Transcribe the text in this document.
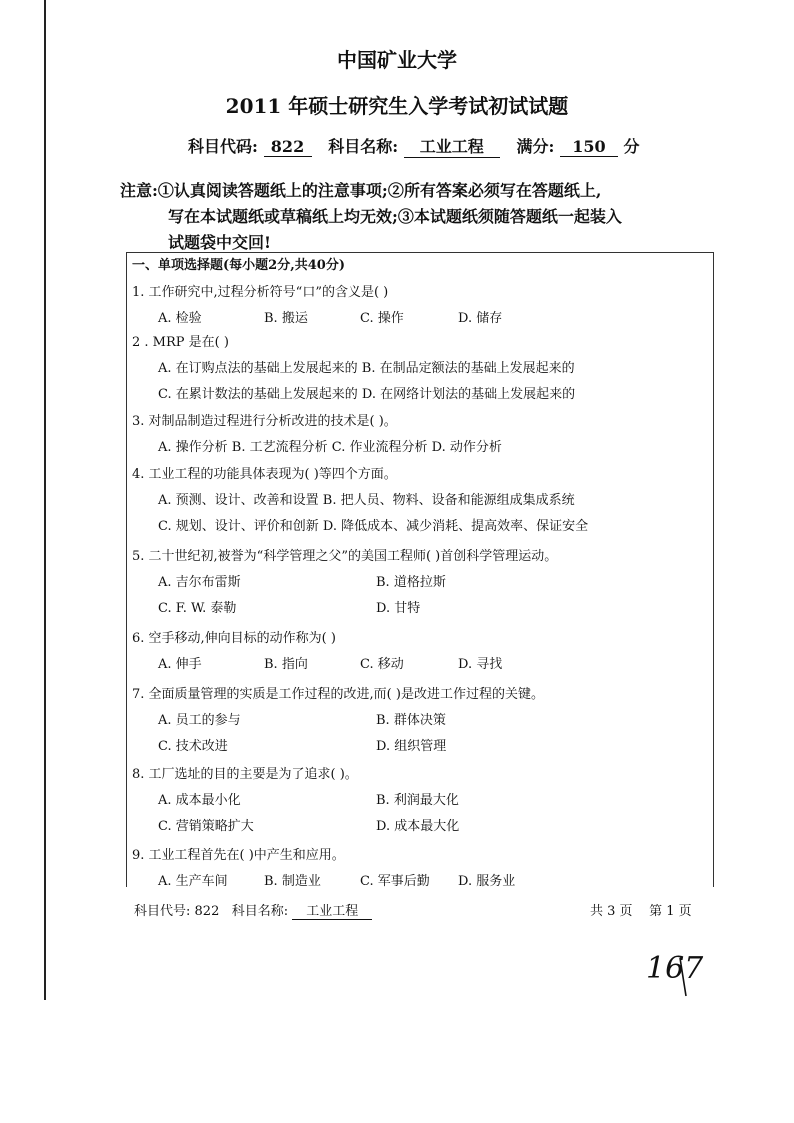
中国矿业大学
2011 年硕士研究生入学考试初试试题
科目代码: 822 科目名称: 工业工程 满分: 150 分
注意:①认真阅读答题纸上的注意事项;②所有答案必须写在答题纸上,
写在本试题纸或草稿纸上均无效;③本试题纸须随答题纸一起装入
试题袋中交回!
一、单项选择题(每小题2分,共40分)
1. 工作研究中,过程分析符号“口”的含义是( )
A. 检验	B. 搬运	C. 操作	D. 储存
2 . MRP 是在( )
A. 在订购点法的基础上发展起来的 B. 在制品定额法的基础上发展起来的
C. 在累计数法的基础上发展起来的 D. 在网络计划法的基础上发展起来的
3. 对制品制造过程进行分析改进的技术是( )。
A. 操作分析 B. 工艺流程分析 C. 作业流程分析 D. 动作分析
4. 工业工程的功能具体表现为( )等四个方面。
A. 预测、设计、改善和设置 B. 把人员、物料、设备和能源组成集成系统
C. 规划、设计、评价和创新 D. 降低成本、减少消耗、提高效率、保证安全
5. 二十世纪初,被誉为“科学管理之父”的美国工程师( )首创科学管理运动。
A. 吉尔布雷斯	B. 道格拉斯
C. F. W. 泰勒	D. 甘特
6. 空手移动,伸向目标的动作称为( )
A. 伸手	B. 指向	C. 移动	D. 寻找
7. 全面质量管理的实质是工作过程的改进,而( )是改进工作过程的关键。
A. 员工的参与	B. 群体决策
C. 技术改进	D. 组织管理
8. 工厂选址的目的主要是为了追求( )。
A. 成本最小化	B. 利润最大化
C. 营销策略扩大	D. 成本最大化
9. 工业工程首先在( )中产生和应用。
A. 生产车间	B. 制造业	C. 军事后勤 D. 服务业
科目代号: 822 科目名称: 工业工程	共 3 页 第 1 页
167
